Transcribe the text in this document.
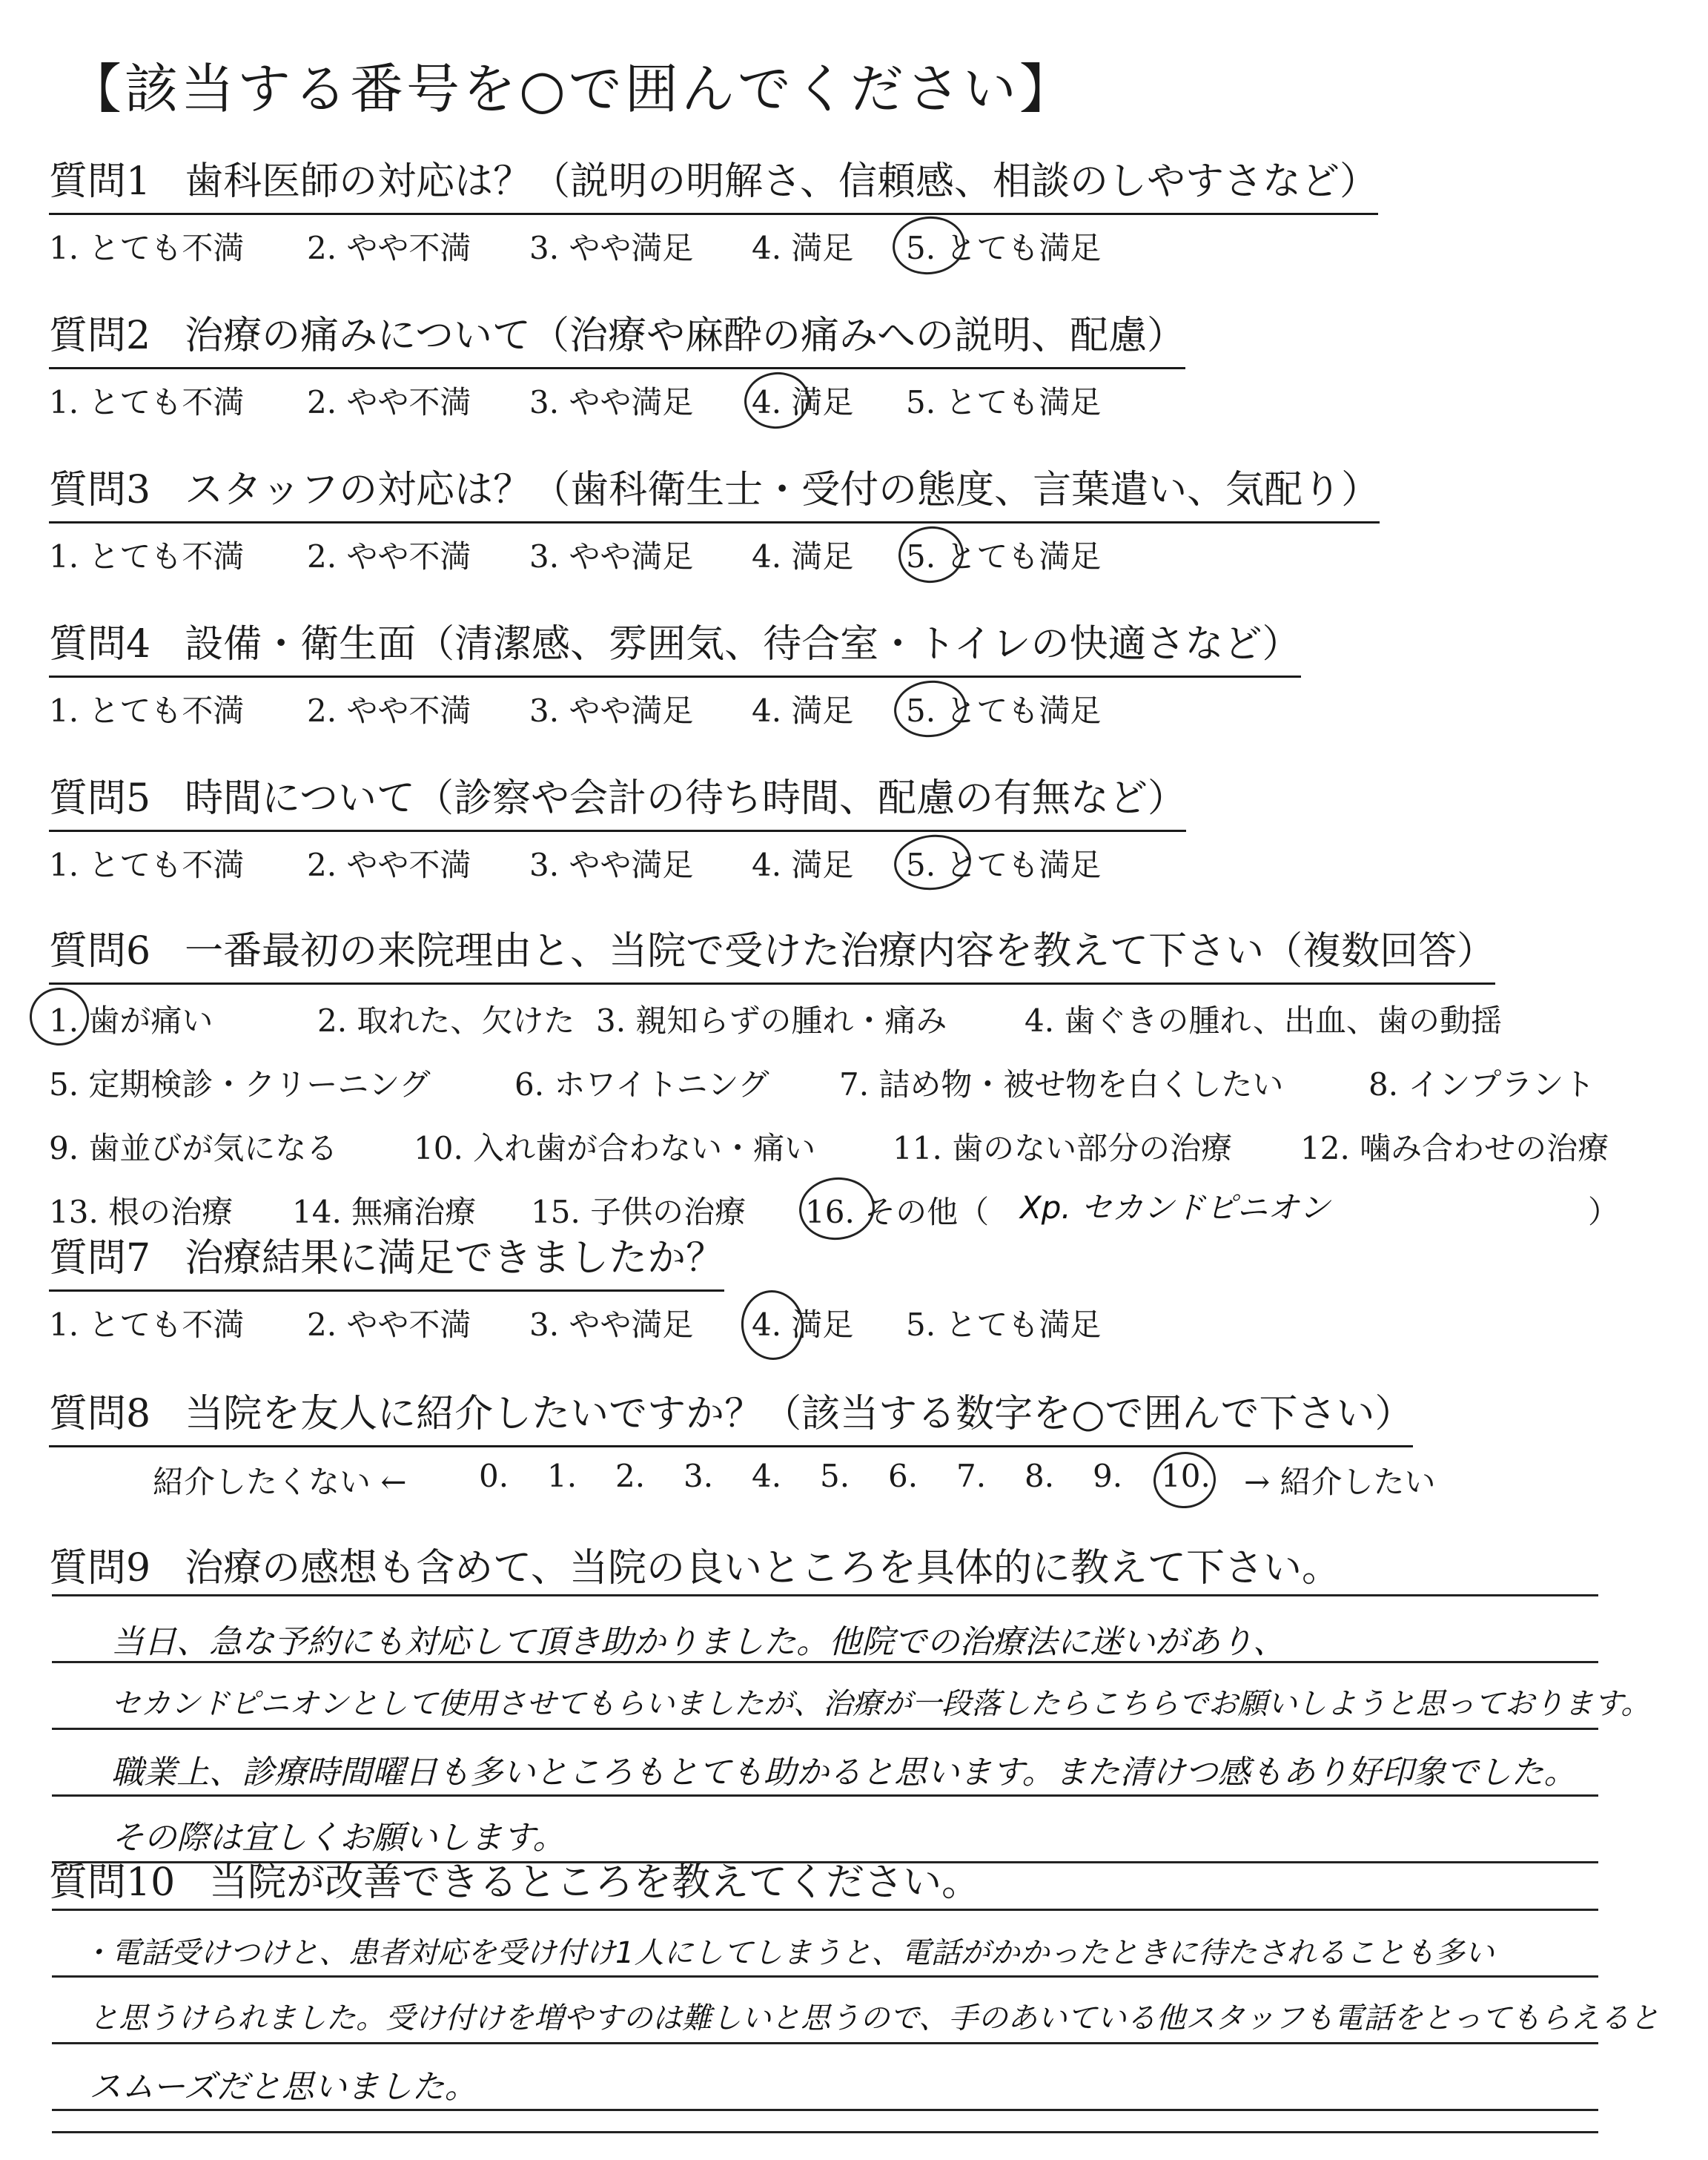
【該当する番号を○で囲んでください】
質問1 歯科医師の対応は？（説明の明解さ、信頼感、相談のしやすさなど）
1. とても不満 2. やや不満 3. やや満足 4. 満足 5. とても満足
質問2 治療の痛みについて（治療や麻酔の痛みへの説明、配慮）
1. とても不満 2. やや不満 3. やや満足 4. 満足 5. とても満足
質問3 スタッフの対応は？（歯科衛生士・受付の態度、言葉遣い、気配り）
1. とても不満 2. やや不満 3. やや満足 4. 満足 5. とても満足
質問4 設備・衛生面（清潔感、雰囲気、待合室・トイレの快適さなど）
1. とても不満 2. やや不満 3. やや満足 4. 満足 5. とても満足
質問5 時間について（診察や会計の待ち時間、配慮の有無など）
1. とても不満 2. やや不満 3. やや満足 4. 満足 5. とても満足
質問6 一番最初の来院理由と、当院で受けた治療内容を教えて下さい（複数回答）
1. 歯が痛い	2. 取れた、欠けた 3. 親知らずの腫れ・痛み 4. 歯ぐきの腫れ、出血、歯の動揺
5. 定期検診・クリーニング	6. ホワイトニング 7. 詰め物・被せ物を白くしたい	8. インプラント
9. 歯並びが気になる 10. 入れ歯が合わない・痛い 11. 歯のない部分の治療 12. 噛み合わせの治療
13. 根の治療 14. 無痛治療 15. 子供の治療 16. その他（ Xp. セカンドピニオン	）
質問7 治療結果に満足できましたか？
1. とても不満 2. やや不満 3. やや満足 4. 満足 5. とても満足
質問8 当院を友人に紹介したいですか？（該当する数字を○で囲んで下さい）
紹介したくない ← 0. 1. 2. 3. 4. 5. 6. 7. 8. 9. 10. → 紹介したい
質問9 治療の感想も含めて、当院の良いところを具体的に教えて下さい。
当日、急な予約にも対応して頂き助かりました。他院での治療法に迷いがあり、
セカンドピニオンとして使用させてもらいましたが、治療が一段落したらこちらでお願いしようと思っております。
職業上、診療時間曜日も多いところもとても助かると思います。また清けつ感もあり好印象でした。
その際は宜しくお願いします。
質問10 当院が改善できるところを教えてください。
・電話受けつけと、患者対応を受け付け1人にしてしまうと、電話がかかったときに待たされることも多い
と思うけられました。受け付けを増やすのは難しいと思うので、手のあいている他スタッフも電話をとってもらえると
スムーズだと思いました。
